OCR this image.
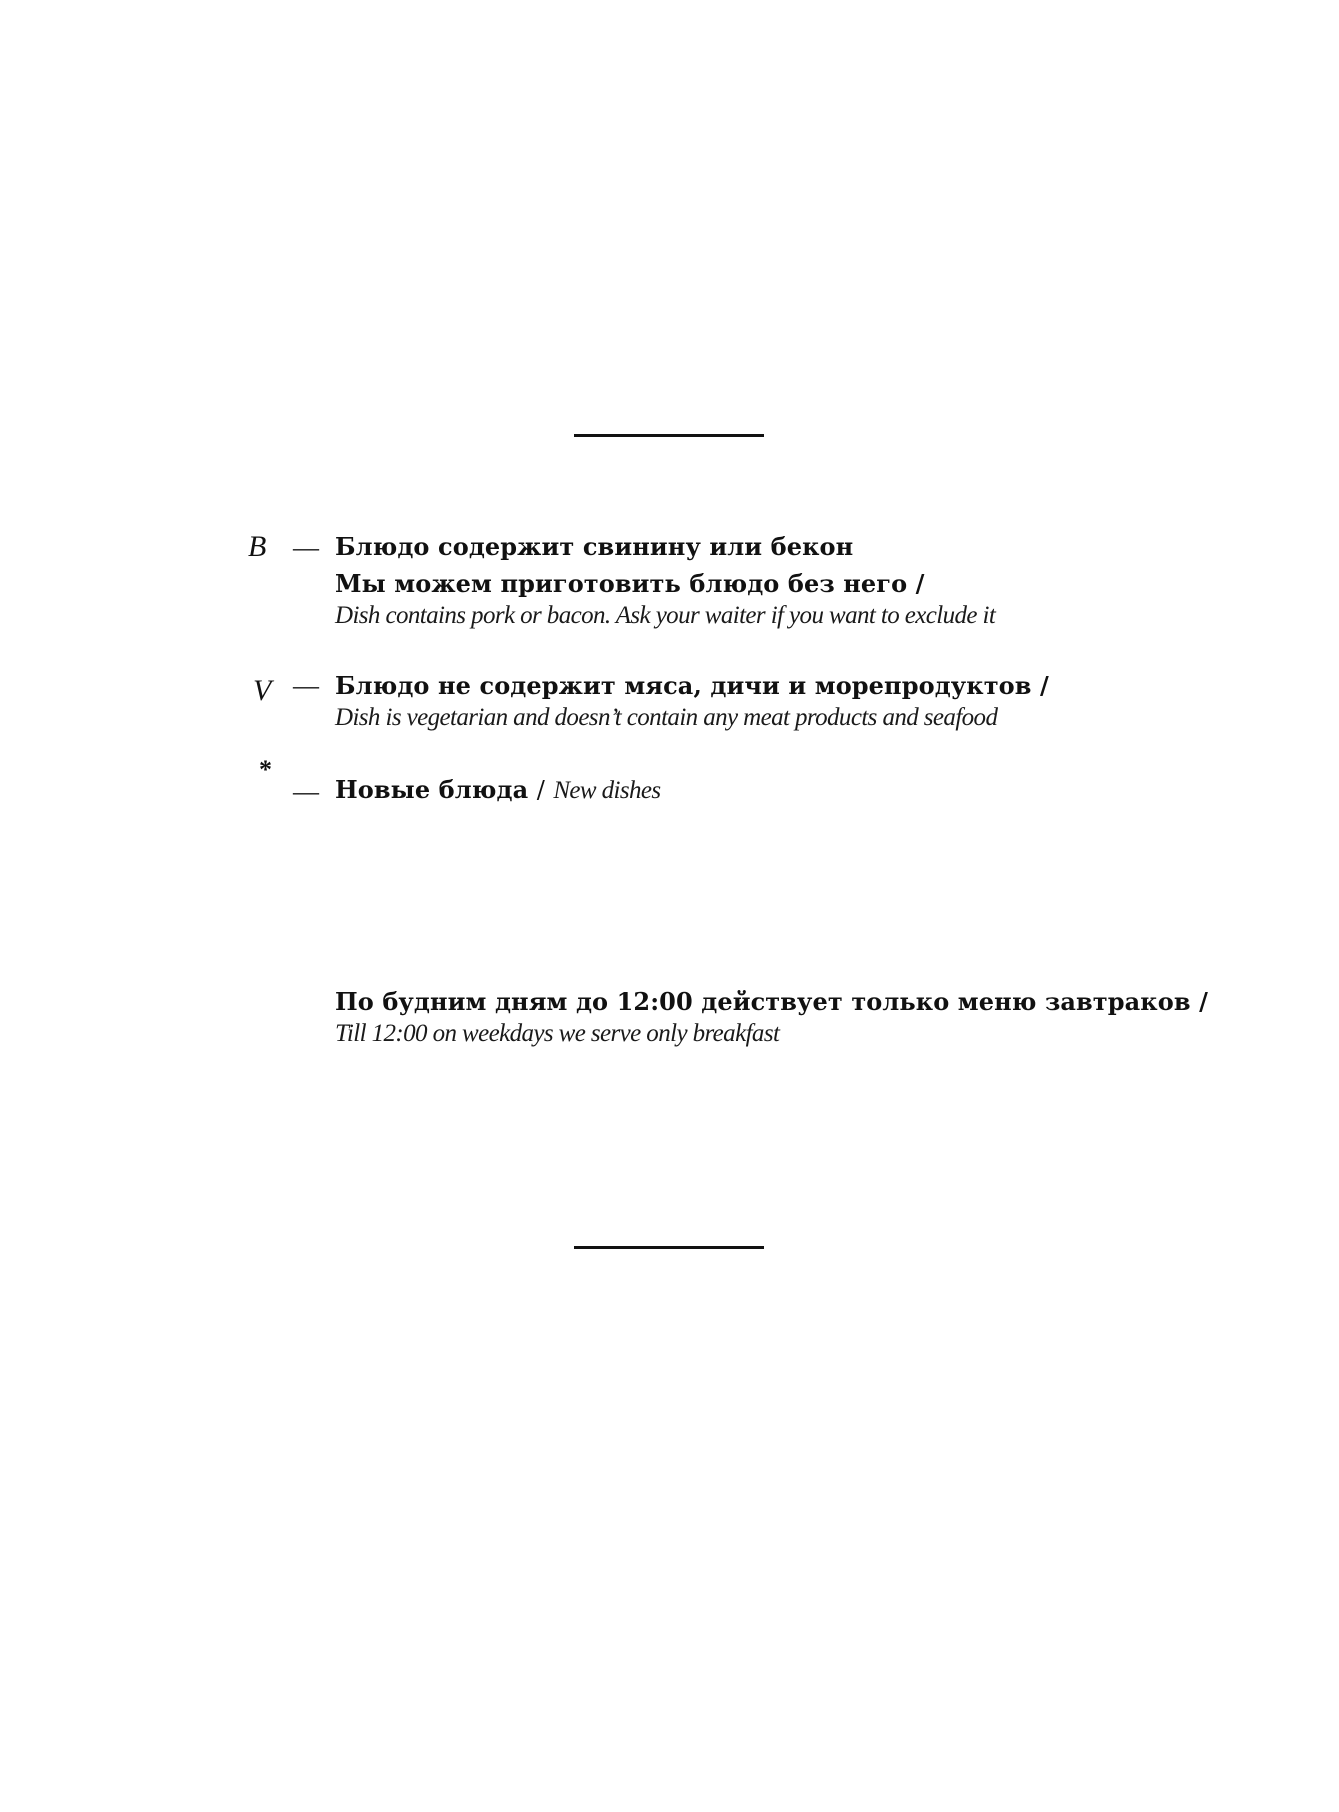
B — Блюдо содержит свинину или бекон
Мы можем приготовить блюдо без него /
Dish contains pork or bacon. Ask your waiter if you want to exclude it
V — Блюдо не содержит мяса, дичи и морепродуктов /
Dish is vegetarian and doesn’t contain any meat products and seafood
*
— Новые блюда / New dishes
По будним дням до 12:00 действует только меню завтраков /
Till 12:00 on weekdays we serve only breakfast
